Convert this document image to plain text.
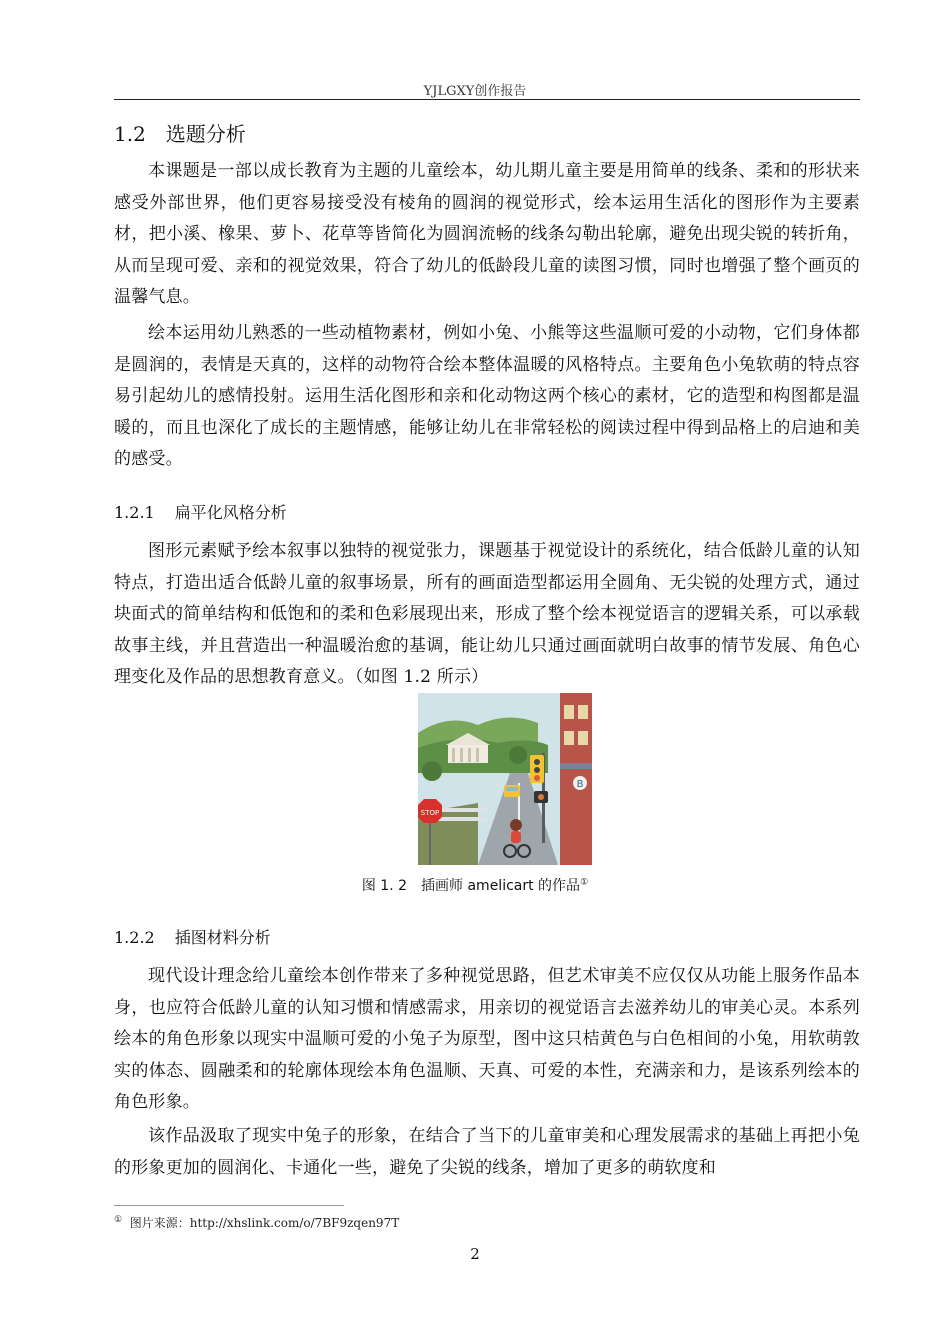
YJLGXY创作报告
1.2 选题分析

本课题是一部以成长教育为主题的儿童绘本，幼儿期儿童主要是用简单的线条、柔和的形状来感受外部世界，他们更容易接受没有棱角的圆润的视觉形式，绘本运用生活化的图形作为主要素材，把小溪、橡果、萝卜、花草等皆简化为圆润流畅的线条勾勒出轮廓，避免出现尖锐的转折角，从而呈现可爱、亲和的视觉效果，符合了幼儿的低龄段儿童的读图习惯，同时也增强了整个画页的温馨气息。

绘本运用幼儿熟悉的一些动植物素材，例如小兔、小熊等这些温顺可爱的小动物，它们身体都是圆润的，表情是天真的，这样的动物符合绘本整体温暖的风格特点。主要角色小兔软萌的特点容易引起幼儿的感情投射。运用生活化图形和亲和化动物这两个核心的素材，它的造型和构图都是温暖的，而且也深化了成长的主题情感，能够让幼儿在非常轻松的阅读过程中得到品格上的启迪和美的感受。

1.2.1 扁平化风格分析

图形元素赋予绘本叙事以独特的视觉张力，课题基于视觉设计的系统化，结合低龄儿童的认知特点，打造出适合低龄儿童的叙事场景，所有的画面造型都运用全圆角、无尖锐的处理方式，通过块面式的简单结构和低饱和的柔和色彩展现出来，形成了整个绘本视觉语言的逻辑关系，可以承载故事主线，并且营造出一种温暖治愈的基调，能让幼儿只通过画面就明白故事的情节发展、角色心理变化及作品的思想教育意义。（如图 1.2 所示）

B
STOP
图 1. 2　插画师 amelicart 的作品①
1.2.2 插图材料分析

现代设计理念给儿童绘本创作带来了多种视觉思路，但艺术审美不应仅仅从功能上服务作品本身，也应符合低龄儿童的认知习惯和情感需求，用亲切的视觉语言去滋养幼儿的审美心灵。本系列绘本的角色形象以现实中温顺可爱的小兔子为原型，图中这只桔黄色与白色相间的小兔，用软萌敦实的体态、圆融柔和的轮廓体现绘本角色温顺、天真、可爱的本性，充满亲和力，是该系列绘本的角色形象。

该作品汲取了现实中兔子的形象，在结合了当下的儿童审美和心理发展需求的基础上再把小兔的形象更加的圆润化、卡通化一些，避免了尖锐的线条，增加了更多的萌软度和

① 图片来源：http://xhslink.com/o/7BF9zqen97T
2
